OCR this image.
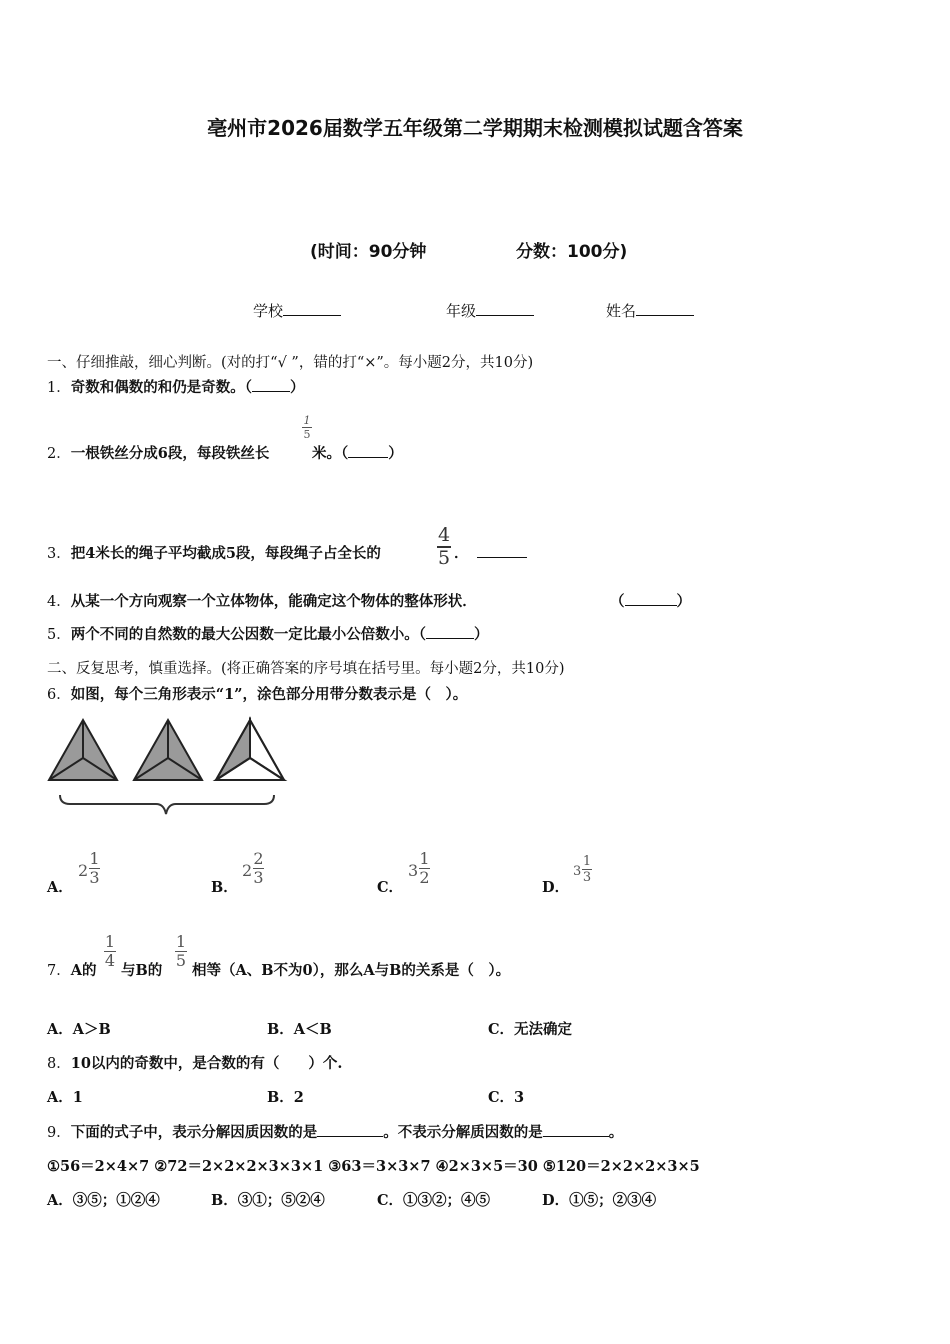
亳州市2026届数学五年级第二学期期末检测模拟试题含答案
(时间：90分钟	分数：100分)
学校	年级	姓名
一、仔细推敲，细心判断。(对的打“√ ”，错的打“×”。每小题2分，共10分)
1．奇数和偶数的和仍是奇数。（	）
2．一根铁丝分成6段，每段铁丝长
1
5
米。（	）
3．把4米长的绳子平均截成5段，每段绳子占全长的
4
5 ．
4．从某一个方向观察一个立体物体，能确定这个物体的整体形状．	（	）
5．两个不同的自然数的最大公因数一定比最小公倍数小。（	）
二、反复思考，慎重选择。(将正确答案的序号填在括号里。每小题2分，共10分)
6．如图，每个三角形表示“1”，涂色部分用带分数表示是（　）。
A．
2
1
3
B．
2
2
3
C．
3
1
2
D．
3
1
3
7．A的
1
4
与B的
1
5
相等（A、B不为0），那么A与B的关系是（　）。
A．A＞B	B．A＜B	C．无法确定
8．10以内的奇数中，是合数的有（　　）个.
A．1	B．2	C．3
9．下面的式子中，表示分解因质因数的是	。不表示分解质因数的是	。
①56＝2×4×7 ②72＝2×2×2×3×3×1 ③63＝3×3×7 ④2×3×5＝30 ⑤120＝2×2×2×3×5
A．③⑤；①②④	B．③①；⑤②④	C．①③②；④⑤	D．①⑤；②③④
